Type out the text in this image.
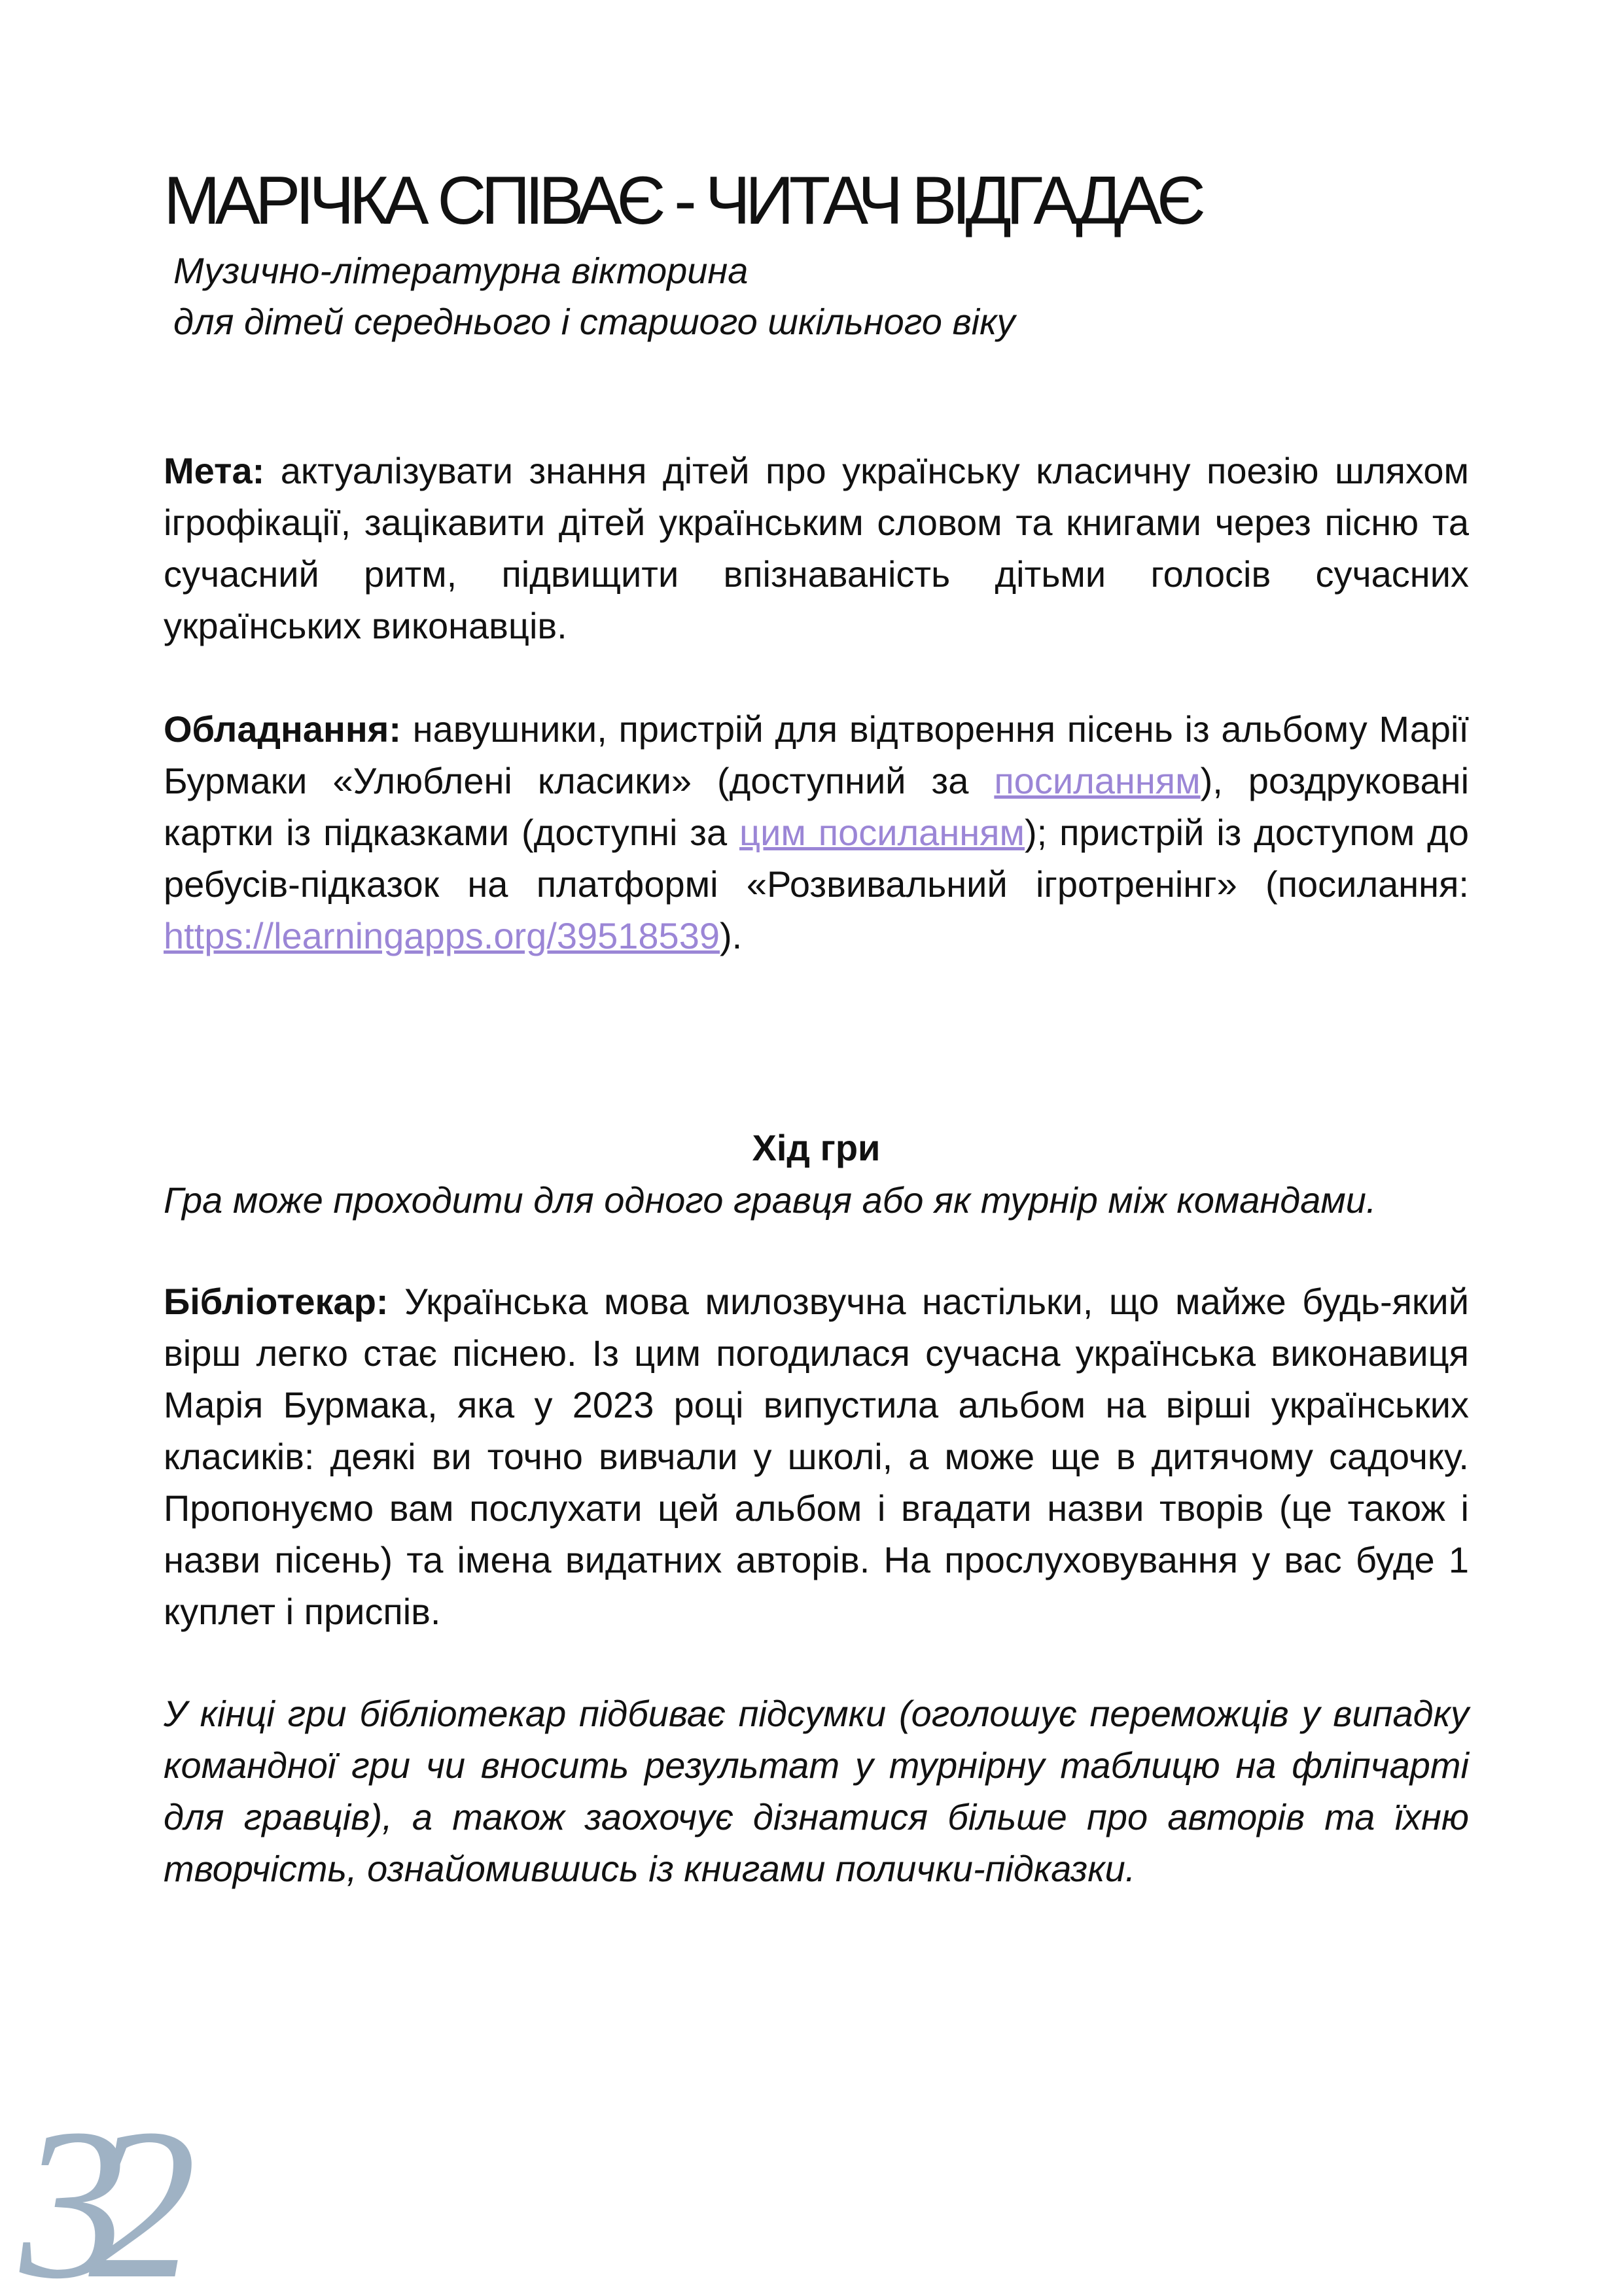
МАРІЧКА СПІВАЄ - ЧИТАЧ ВІДГАДАЄ
Музично-літературна вікторина
для дітей середнього і старшого шкільного віку

Мета: актуалізувати знання дітей про українську класичну поезію шляхом ігрофікації, зацікавити дітей українським словом та книгами через пісню та сучасний ритм, підвищити впізнаваність дітьми голосів сучасних українських виконавців.

Обладнання: навушники, пристрій для відтворення пісень із альбому Марії Бурмаки «Улюблені класики» (доступний за посиланням), роздруковані картки із підказками (доступні за цим посиланням); пристрій із доступом до ребусів-підказок на платформі «Розвивальний ігротренінг» (посилання: https://learningapps.org/39518539).

Хід гри

Гра може проходити для одного гравця або як турнір між командами.

Бібліотекар: Українська мова милозвучна настільки, що майже будь-який вірш легко стає піснею. Із цим погодилася сучасна українська виконавиця Марія Бурмака, яка у 2023 році випустила альбом на вірші українських класиків: деякі ви точно вивчали у школі, а може ще в дитячому садочку. Пропонуємо вам послухати цей альбом і вгадати назви творів (це також і назви пісень) та імена видатних авторів. На прослуховування у вас буде 1 куплет і приспів.

У кінці гри бібліотекар підбиває підсумки (оголошує переможців у випадку командної гри чи вносить результат у турнірну таблицю на фліпчарті для гравців), а також заохочує дізнатися більше про авторів та їхню творчість, ознайомившись із книгами полички-підказки.

32
